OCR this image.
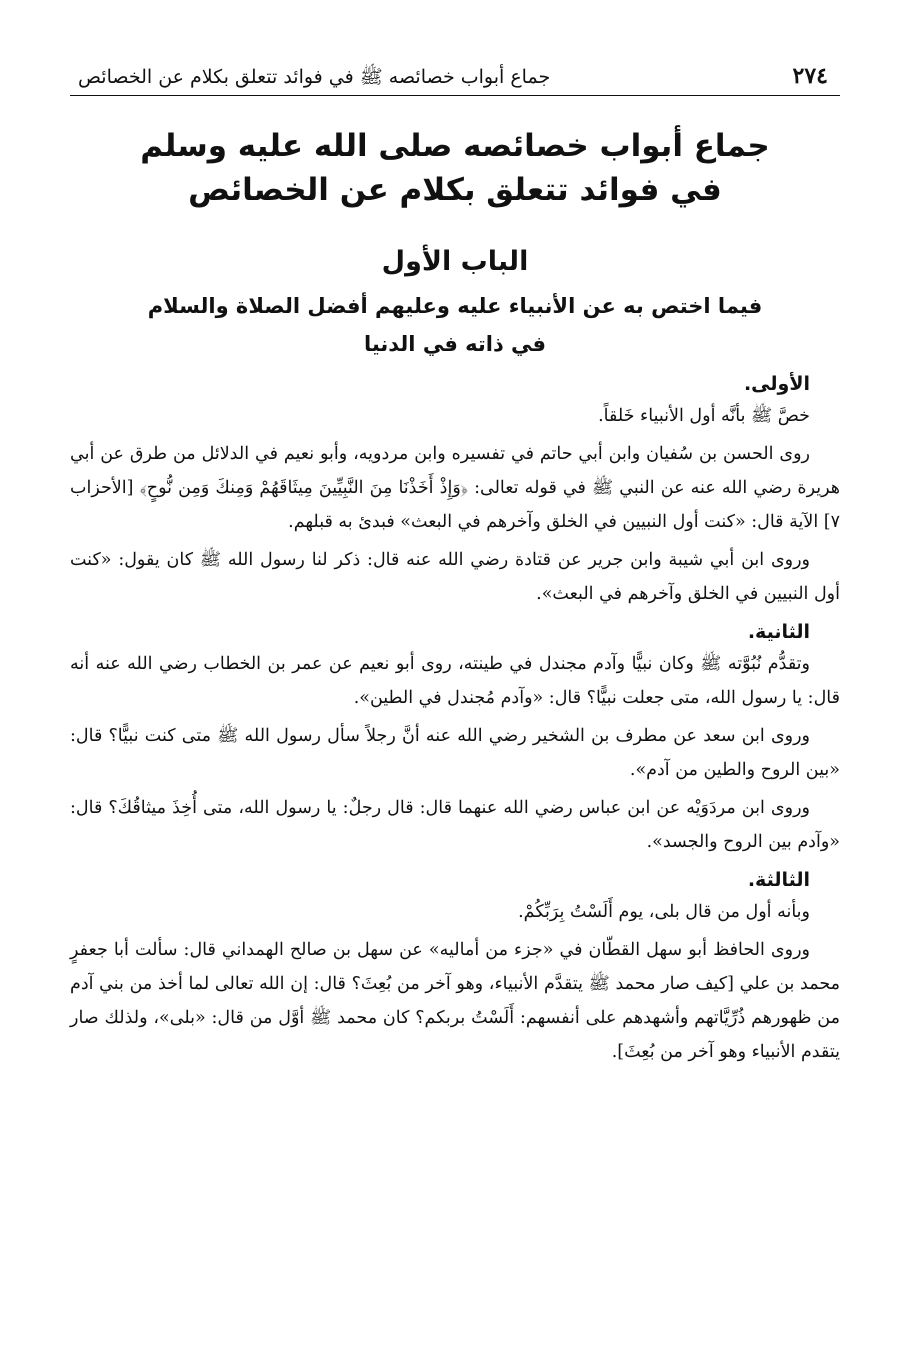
٢٧٤
جماع أبواب خصائصه ﷺ في فوائد تتعلق بكلام عن الخصائص
جماع أبواب خصائصه صلى الله عليه وسلم
في فوائد تتعلق بكلام عن الخصائص
الباب الأول
فيما اختص به عن الأنبياء عليه وعليهم أفضل الصلاة والسلام
في ذاته في الدنيا
الأولى.

خصَّ ﷺ بأنَّه أول الأنبياء خَلقاً.

روى الحسن بن سُفيان وابن أبي حاتم في تفسيره وابن مردويه، وأبو نعيم في الدلائل من طرق عن أبي هريرة رضي الله عنه عن النبي ﷺ في قوله تعالى: ﴿وَإِذْ أَخَذْنَا مِنَ النَّبِيِّينَ مِيثَاقَهُمْ وَمِنكَ وَمِن نُّوحٍ﴾ [الأحزاب ٧] الآية قال: «كنت أول النبيين في الخلق وآخرهم في البعث» فبدئ به قبلهم.

وروى ابن أبي شيبة وابن جرير عن قتادة رضي الله عنه قال: ذكر لنا رسول الله ﷺ كان يقول: «كنت أول النبيين في الخلق وآخرهم في البعث».

الثانية.

وتقدُّم نُبُوَّته ﷺ وكان نبيًّا وآدم مجندل في طينته، روى أبو نعيم عن عمر بن الخطاب رضي الله عنه أنه قال: يا رسول الله، متى جعلت نبيًّا؟ قال: «وآدم مُجندل في الطين».

وروى ابن سعد عن مطرف بن الشخير رضي الله عنه أنَّ رجلاً سأل رسول الله ﷺ متى كنت نبيًّا؟ قال: «بين الروح والطين من آدم».

وروى ابن مردَوَيْه عن ابن عباس رضي الله عنهما قال: قال رجلٌ: يا رسول الله، متى أُخِذَ ميثاقُكَ؟ قال: «وآدم بين الروح والجسد».

الثالثة.

وبأنه أول من قال بلى، يوم أَلَسْتُ بِرَبِّكُمْ.

وروى الحافظ أبو سهل القطّان في «جزء من أماليه» عن سهل بن صالح الهمداني قال: سألت أبا جعفرٍ محمد بن علي [كيف صار محمد ﷺ يتقدَّم الأنبياء، وهو آخر من بُعِثَ؟ قال: إن الله تعالى لما أخذ من بني آدم من ظهورهم ذُرِّيَّاتهم وأشهدهم على أنفسهم: أَلَسْتُ بربكم؟ كان محمد ﷺ أوَّل من قال: «بلى»، ولذلك صار يتقدم الأنبياء وهو آخر من بُعِثَ].
